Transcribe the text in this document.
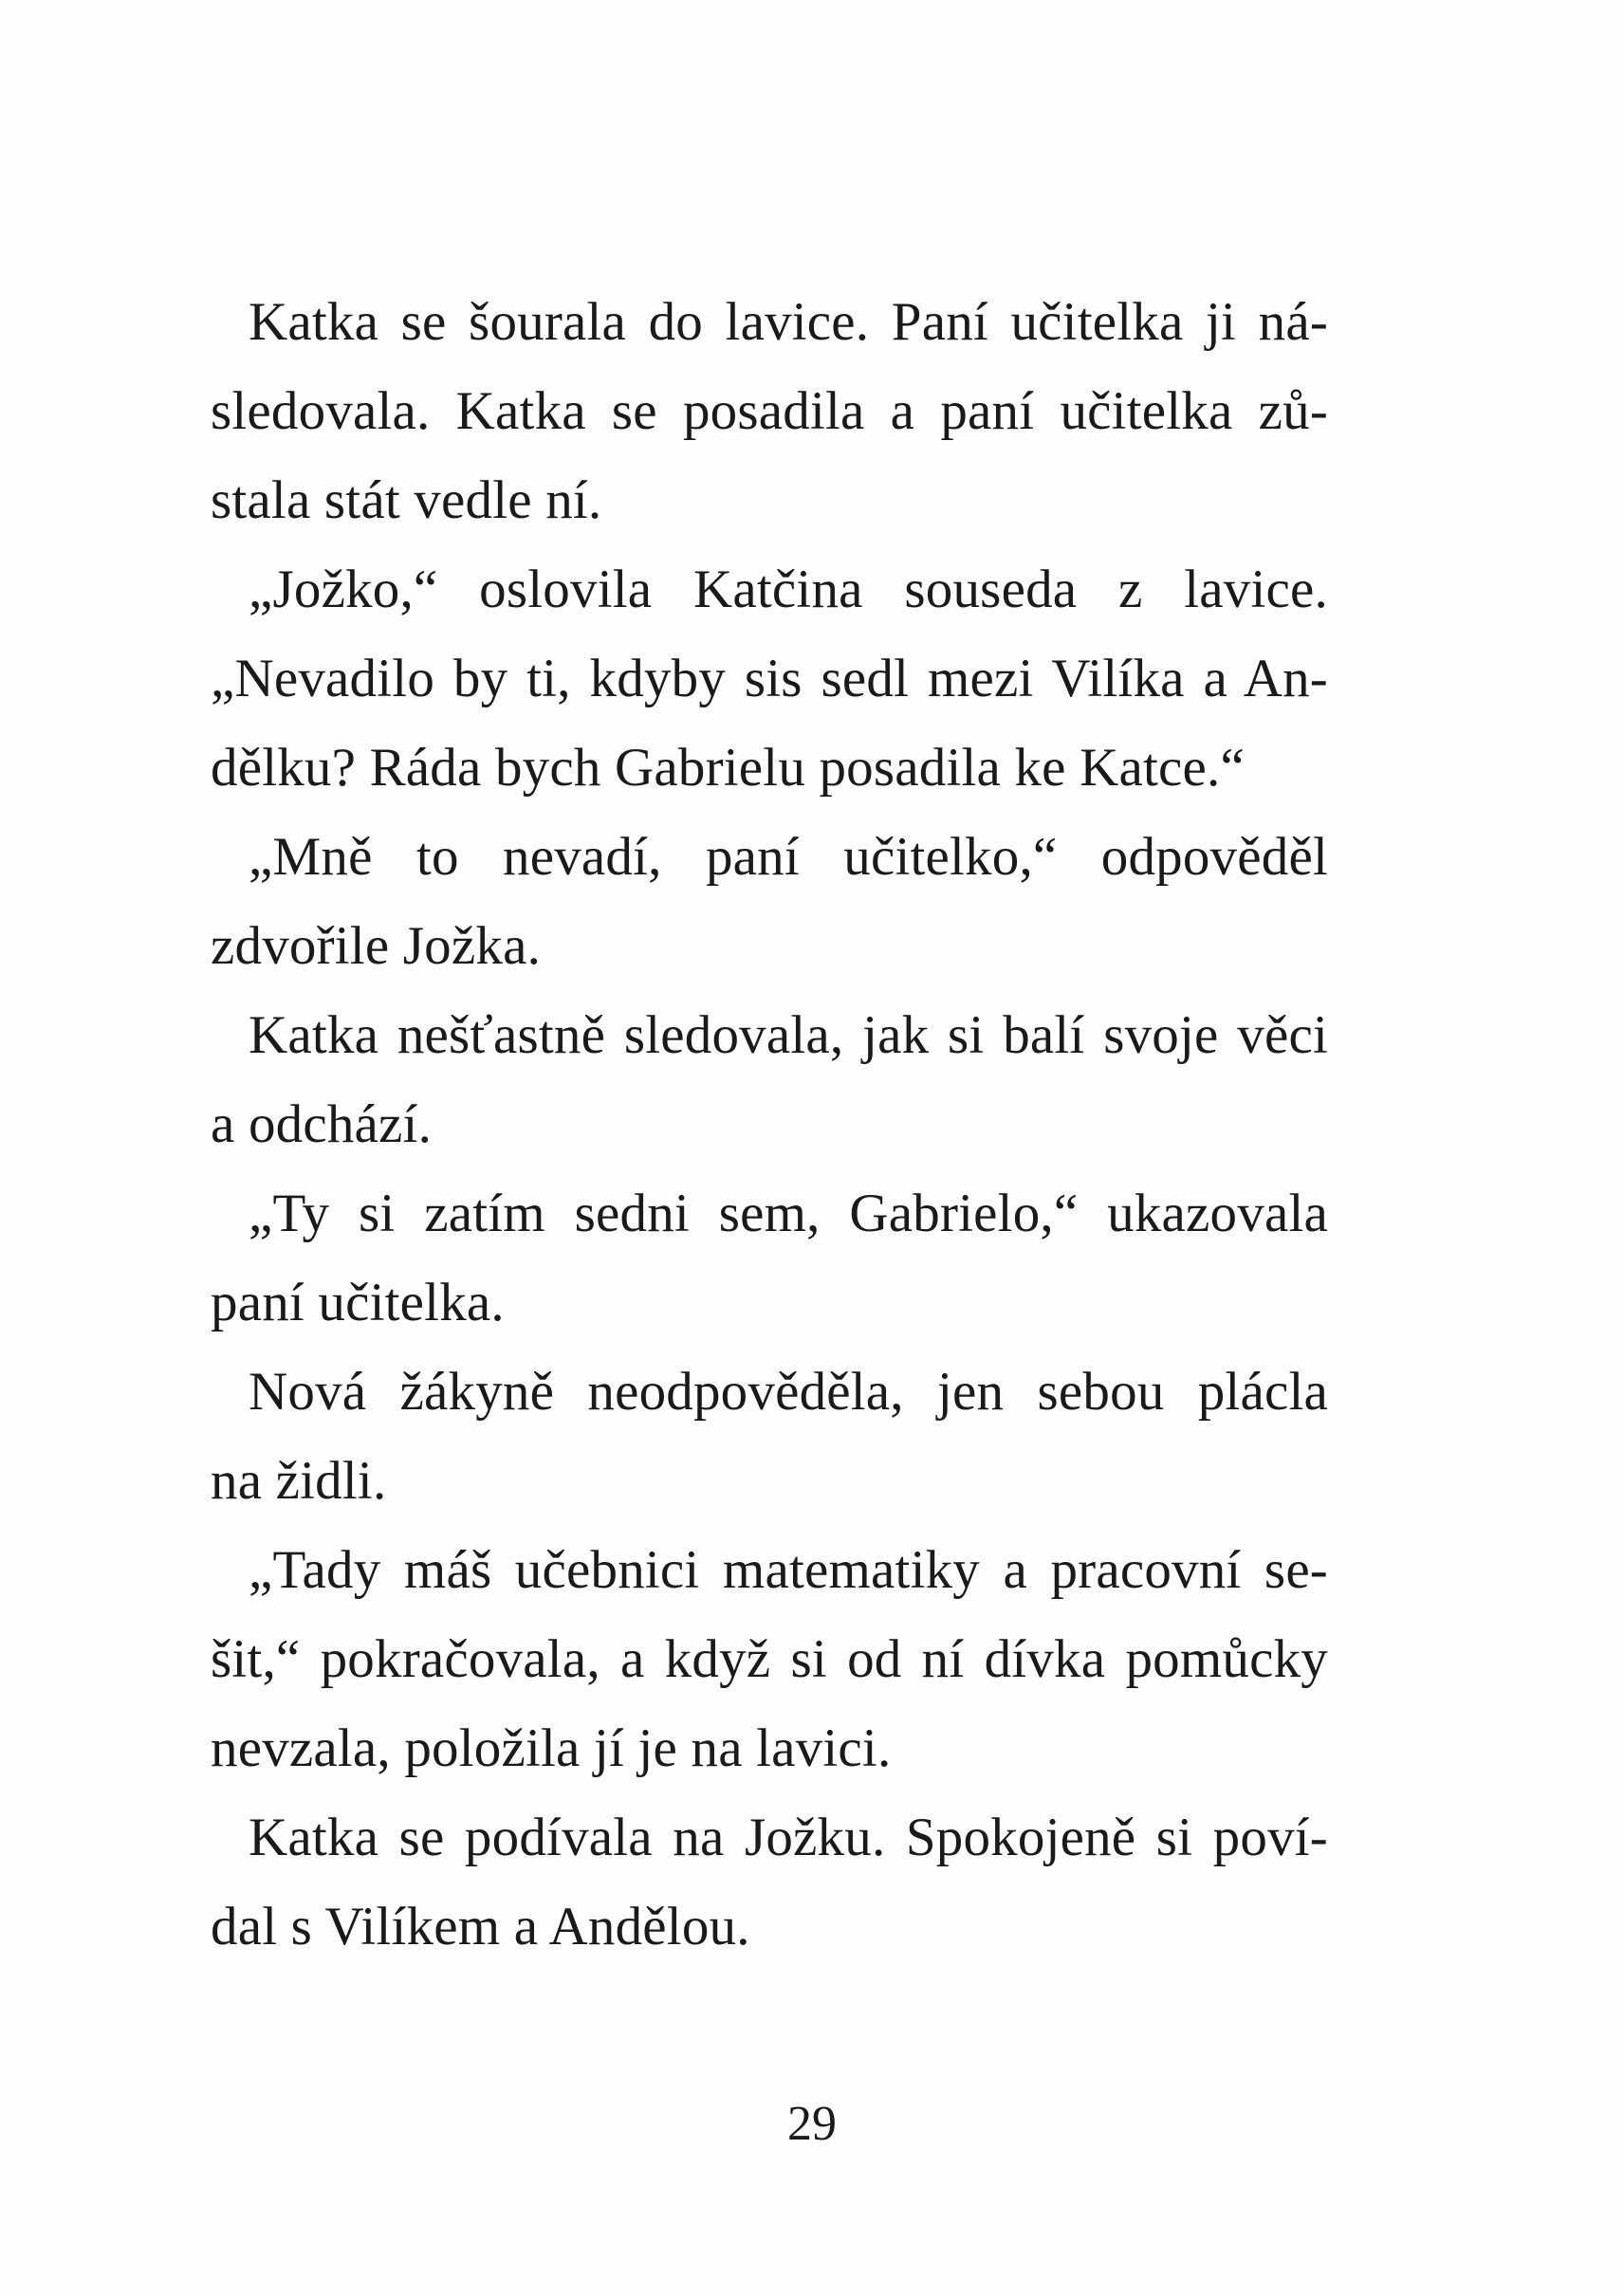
Katka se šourala do lavice. Paní učitelka ji ná-
sledovala. Katka se posadila a paní učitelka zů-
stala stát vedle ní.
„Jožko,“ oslovila Katčina souseda z lavice.
„Nevadilo by ti, kdyby sis sedl mezi Vilíka a An-
dělku? Ráda bych Gabrielu posadila ke Katce.“
„Mně to nevadí, paní učitelko,“ odpověděl
zdvořile Jožka.
Katka nešťastně sledovala, jak si balí svoje věci
a odchází.
„Ty si zatím sedni sem, Gabrielo,“ ukazovala
paní učitelka.
Nová žákyně neodpověděla, jen sebou plácla
na židli.
„Tady máš učebnici matematiky a pracovní se-
šit,“ pokračovala, a když si od ní dívka pomůcky
nevzala, položila jí je na lavici.
Katka se podívala na Jožku. Spokojeně si poví-
dal s Vilíkem a Andělou.
29
